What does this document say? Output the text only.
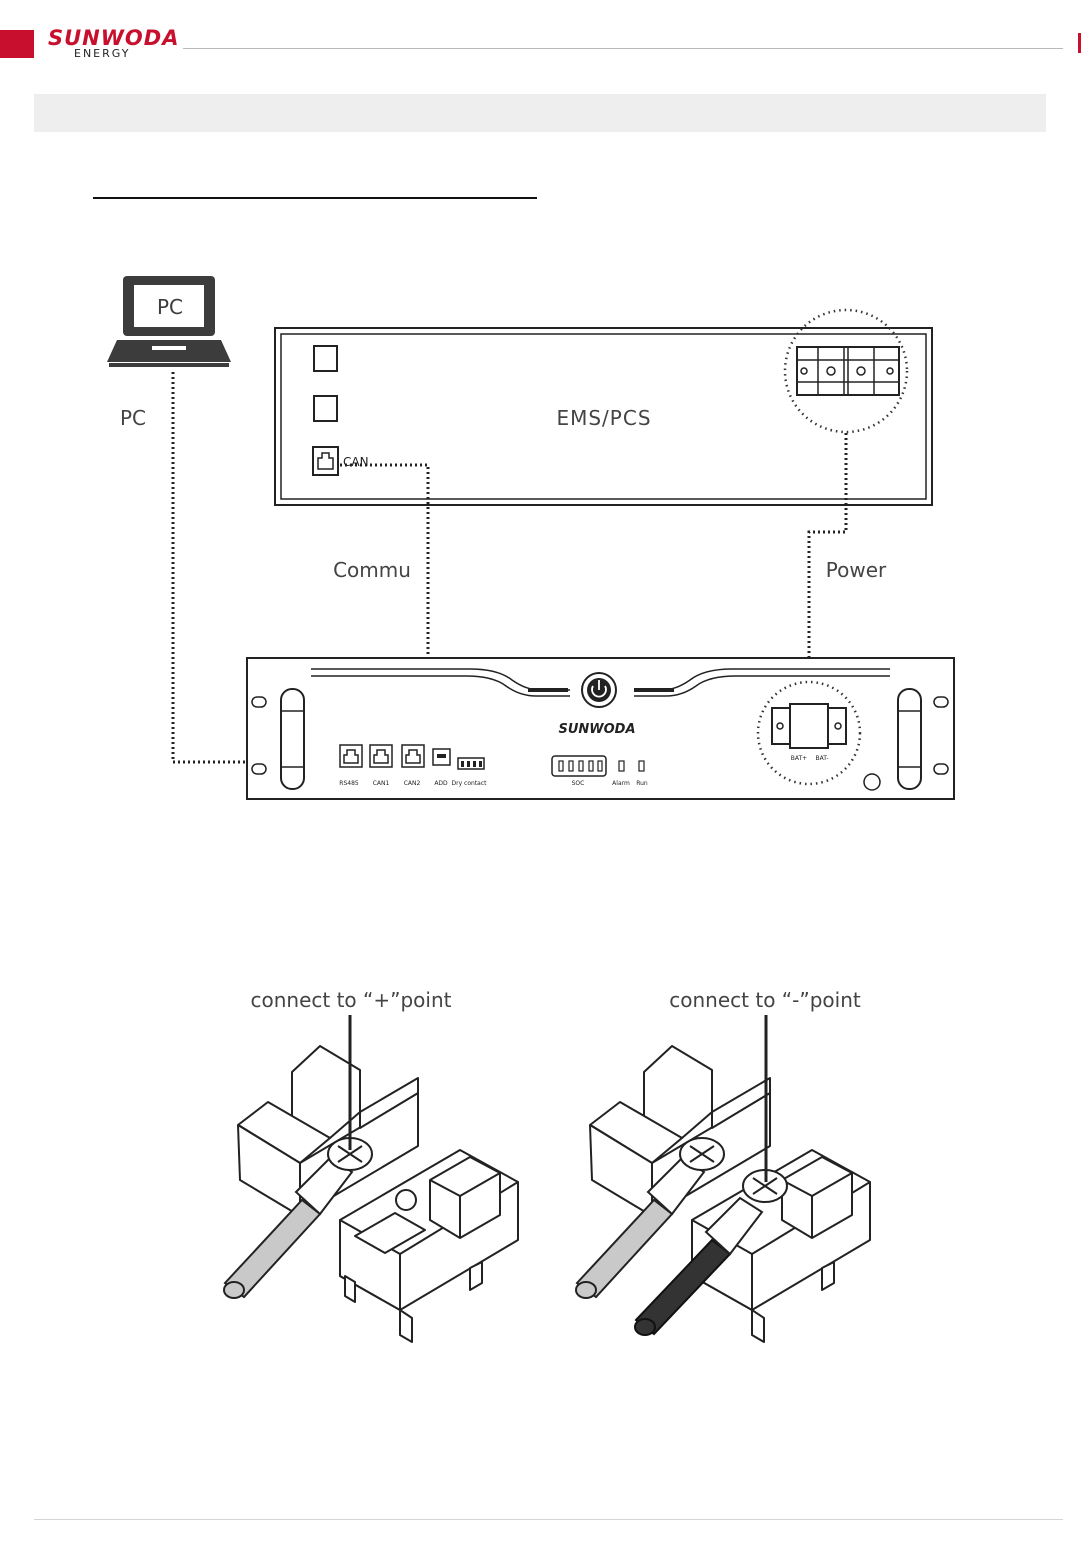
SUNWODA
ENERGY
PC
PC	EMS/PCS
CAN
Commu	Power
SUNWODA
RS485 CAN1 CAN2 ADD Dry contact	SOC	Alarm Run
BAT+ BAT-
connect to “+”point	connect to “-”point
